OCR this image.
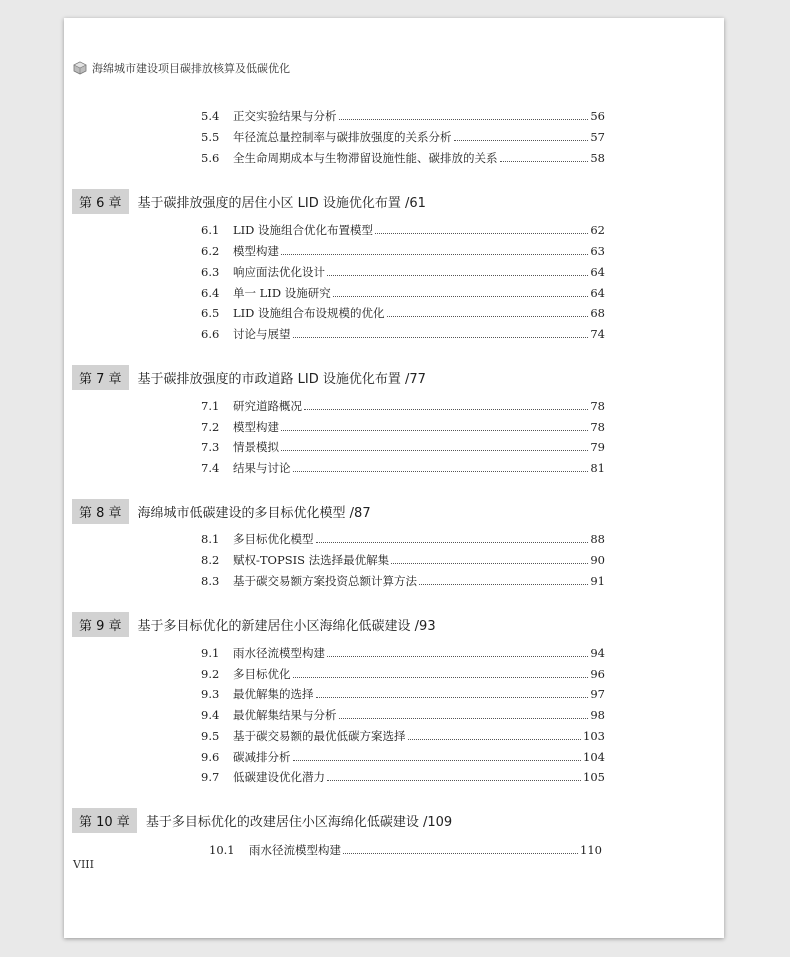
海绵城市建设项目碳排放核算及低碳优化
5.4	正交实验结果与分析	56
5.5	年径流总量控制率与碳排放强度的关系分析	57
5.6	全生命周期成本与生物滞留设施性能、碳排放的关系	58
第 6 章	基于碳排放强度的居住小区 LID 设施优化布置 /61
6.1	LID 设施组合优化布置模型	62
6.2	模型构建	63
6.3	响应面法优化设计	64
6.4	单一 LID 设施研究	64
6.5	LID 设施组合布设规模的优化	68
6.6	讨论与展望	74
第 7 章	基于碳排放强度的市政道路 LID 设施优化布置 /77
7.1	研究道路概况	78
7.2	模型构建	78
7.3	情景模拟	79
7.4	结果与讨论	81
第 8 章	海绵城市低碳建设的多目标优化模型 /87
8.1	多目标优化模型	88
8.2	赋权-TOPSIS 法选择最优解集	90
8.3	基于碳交易额方案投资总额计算方法	91
第 9 章	基于多目标优化的新建居住小区海绵化低碳建设 /93
9.1	雨水径流模型构建	94
9.2	多目标优化	96
9.3	最优解集的选择	97
9.4	最优解集结果与分析	98
9.5	基于碳交易额的最优低碳方案选择	103
9.6	碳减排分析	104
9.7	低碳建设优化潜力	105
第 10 章	基于多目标优化的改建居住小区海绵化低碳建设 /109
10.1	雨水径流模型构建	110
VIII
